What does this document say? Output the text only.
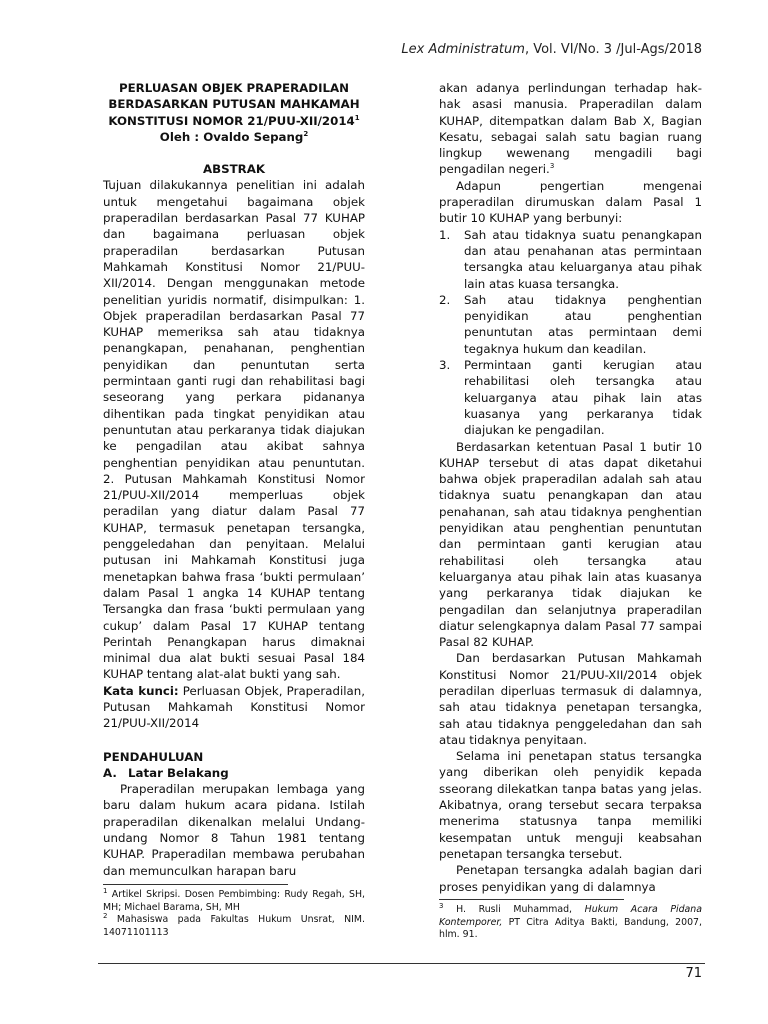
Lex Administratum, Vol. VI/No. 3 /Jul-Ags/2018
PERLUASAN OBJEK PRAPERADILAN
BERDASARKAN PUTUSAN MAHKAMAH
KONSTITUSI NOMOR 21/PUU-XII/2014$^1$
Oleh : Ovaldo Sepang$^2$
ABSTRAK

Tujuan dilakukannya penelitian ini adalah untuk mengetahui bagaimana objek praperadilan berdasarkan Pasal 77 KUHAP dan bagaimana perluasan objek praperadilan berdasarkan Putusan Mahkamah Konstitusi Nomor 21/PUU-XII/2014. Dengan menggunakan metode penelitian yuridis normatif, disimpulkan: 1. Objek praperadilan berdasarkan Pasal 77 KUHAP memeriksa sah atau tidaknya penangkapan, penahanan, penghentian penyidikan dan penuntutan serta permintaan ganti rugi dan rehabilitasi bagi seseorang yang perkara pidananya dihentikan pada tingkat penyidikan atau penuntutan atau perkaranya tidak diajukan ke pengadilan atau akibat sahnya penghentian penyidikan atau penuntutan. 2. Putusan Mahkamah Konstitusi Nomor 21/PUU-XII/2014 memperluas objek peradilan yang diatur dalam Pasal 77 KUHAP, termasuk penetapan tersangka, penggeledahan dan penyitaan. Melalui putusan ini Mahkamah Konstitusi juga menetapkan bahwa frasa ‘bukti permulaan’ dalam Pasal 1 angka 14 KUHAP tentang Tersangka dan frasa ‘bukti permulaan yang cukup’ dalam Pasal 17 KUHAP tentang Perintah Penangkapan harus dimaknai minimal dua alat bukti sesuai Pasal 184 KUHAP tentang alat-alat bukti yang sah.

Kata kunci: Perluasan Objek, Praperadilan, Putusan Mahkamah Konstitusi Nomor 21/PUU-XII/2014

PENDAHULUAN
A. Latar Belakang

Praperadilan merupakan lembaga yang baru dalam hukum acara pidana. Istilah praperadilan dikenalkan melalui Undang-undang Nomor 8 Tahun 1981 tentang KUHAP. Praperadilan membawa perubahan dan memunculkan harapan baru

akan adanya perlindungan terhadap hak-hak asasi manusia. Praperadilan dalam KUHAP, ditempatkan dalam Bab X, Bagian Kesatu, sebagai salah satu bagian ruang lingkup wewenang mengadili bagi pengadilan negeri.$^3$

Adapun pengertian mengenai praperadilan dirumuskan dalam Pasal 1 butir 10 KUHAP yang berbunyi:

1.	Sah atau tidaknya suatu penangkapan dan atau penahanan atas permintaan tersangka atau keluarganya atau pihak lain atas kuasa tersangka.
2.	Sah atau tidaknya penghentian penyidikan atau penghentian penuntutan atas permintaan demi tegaknya hukum dan keadilan.
3.	Permintaan ganti kerugian atau rehabilitasi oleh tersangka atau keluarganya atau pihak lain atas kuasanya yang perkaranya tidak diajukan ke pengadilan.

Berdasarkan ketentuan Pasal 1 butir 10 KUHAP tersebut di atas dapat diketahui bahwa objek praperadilan adalah sah atau tidaknya suatu penangkapan dan atau penahanan, sah atau tidaknya penghentian penyidikan atau penghentian penuntutan dan permintaan ganti kerugian atau rehabilitasi oleh tersangka atau keluarganya atau pihak lain atas kuasanya yang perkaranya tidak diajukan ke pengadilan dan selanjutnya praperadilan diatur selengkapnya dalam Pasal 77 sampai Pasal 82 KUHAP.

Dan berdasarkan Putusan Mahkamah Konstitusi Nomor 21/PUU-XII/2014 objek peradilan diperluas termasuk di dalamnya, sah atau tidaknya penetapan tersangka, sah atau tidaknya penggeledahan dan sah atau tidaknya penyitaan.

Selama ini penetapan status tersangka yang diberikan oleh penyidik kepada sseorang dilekatkan tanpa batas yang jelas. Akibatnya, orang tersebut secara terpaksa menerima statusnya tanpa memiliki kesempatan untuk menguji keabsahan penetapan tersangka tersebut.

Penetapan tersangka adalah bagian dari proses penyidikan yang di dalamnya

$^1$ Artikel Skripsi. Dosen Pembimbing: Rudy Regah, SH, MH; Michael Barama, SH, MH

$^2$ Mahasiswa pada Fakultas Hukum Unsrat, NIM. 14071101113

$^3$ H. Rusli Muhammad, Hukum Acara Pidana Kontemporer, PT Citra Aditya Bakti, Bandung, 2007, hlm. 91.

71
